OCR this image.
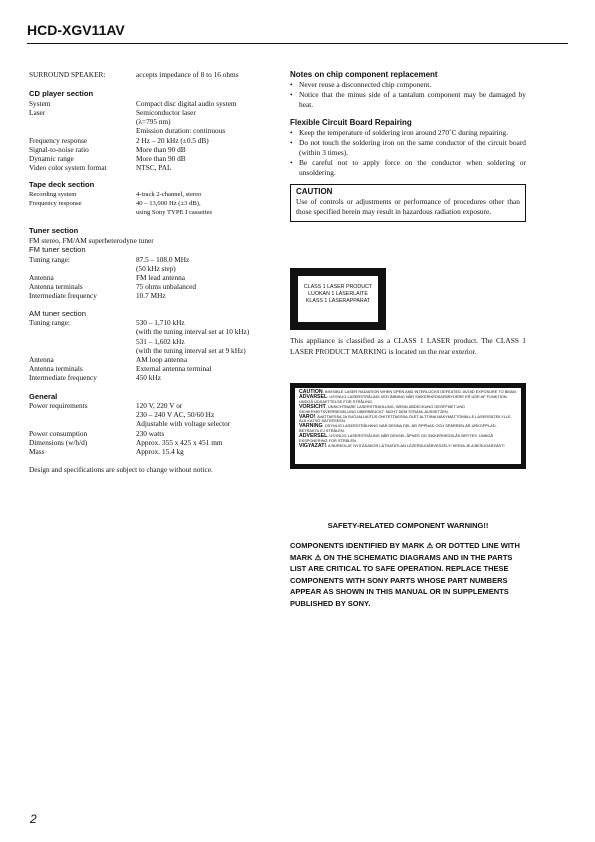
HCD-XGV11AV
SURROUND SPEAKER:	accepts impedance of 8 to 16 ohms
CD player section
System	Compact disc digital audio system
Laser	Semiconductor laser
(λ=795 nm)
Emission duration: continuous
Frequency response	2 Hz – 20 kHz (±0.5 dB)
Signal-to-noise ratio	More than 90 dB
Dynamic range	More than 90 dB
Video color system format	NTSC, PAL
Tape deck section
Recording system	4-track 2-channel, stereo
Frequency response	40 – 13,000 Hz (±3 dB),
using Sony TYPE I cassettes
Tuner section
FM stereo, FM/AM superheterodyne tuner
FM tuner section
Tuning range:	87.5 – 108.0 MHz
(50 kHz step)
Antenna	FM lead antenna
Antenna terminals	75 ohms unbalanced
Intermediate frequency	10.7 MHz
AM tuner section
Tuning range:	530 – 1,710 kHz
(with the tuning interval set at 10 kHz)
531 – 1,602 kHz
(with the tuning interval set at 9 kHz)
Antenna	AM loop antenna
Antenna terminals	External antenna terminal
Intermediate frequency	450 kHz
General
Power requirements	120 V, 220 V or
230 – 240 V AC, 50/60 Hz
Adjustable with voltage selector
Power consumption	230 watts
Dimensions (w/h/d)	Approx. 355 x 425 x 451 mm
Mass	Approx. 15.4 kg
Design and specifications are subject to change without notice.
Notes on chip component replacement
• Never reuse a disconnected chip component.
• Notice that the minus side of a tantalum component may be damaged by heat.
Flexible Circuit Board Repairing
• Keep the temperature of soldering iron around 270˚C during repairing.
• Do not touch the soldering iron on the same conductor of the circuit board (within 3 times).
• Be careful not to apply force on the conductor when soldering or unsoldering.
CAUTION
Use of controls or adjustments or performance of procedures other than those specified herein may result in hazardous radiation exposure.
CLASS 1 LASER PRODUCT
LUOKAN 1 LASERLAITE
KLASS 1 LASERAPPARAT
This appliance is classified as a CLASS 1 LASER product. The CLASS 1 LASER PRODUCT MARKING is located on the rear exterior.
CAUTION: INVISIBLE LASER RADIATION WHEN OPEN AND INTERLOCKS DEFEATED. AVOID EXPOSURE TO BEAM.
ADVARSEL: USYNLIG LASERSTRÅLING VED ÅBNING NÅR SIKKERHEDSAFBRYDERE ER UDE AF FUNKTION. UNDGÅ UDSAETTELSE FOR STRÅLING.
VORSICHT: UNSICHTBARE LASERSTRAHLUNG, WENN ABDECKUNG GEÖFFNET UND SICHERHEITSVERRIEGELUNG ÜBERBRÜCKT. NICHT DEM STRAHL AUSSETZEN.
VARO!: AVATTAESSA JA SUOJALUKITUS OHITETTAESSA OLET ALTTIINA NÄKYMÄTTÖMÄLLE LASERSÄTEILYLLE. ÄLÄ KATSO SÄTEESEEN.
VARNING: OSYNLIG LASERSTRÅLNING NÄR DENNA DEL ÄR ÖPPNAD OCH SPÄRREN ÄR URKOPPLAD. BETRAKTA EJ STRÅLEN.
ADVERSEL: USYNLIG LASERSTRÅLING NÅR DEKSEL ÅPNES OG SIKKERHEDSLÅS BRYTES. UNNGÅ EKSPONERING FOR STRÅLEN.
VIGYAZAT!: A BURKOLAT NYITÁSAKOR LÁTHATATLAN LÉZERSUGÁRVESZÉLY! KERÜLJE A BESUGÁRZÁST!
SAFETY-RELATED COMPONENT WARNING!!
COMPONENTS IDENTIFIED BY MARK ⚠ OR DOTTED LINE WITH MARK ⚠ ON THE SCHEMATIC DIAGRAMS AND IN THE PARTS LIST ARE CRITICAL TO SAFE OPERATION. REPLACE THESE COMPONENTS WITH SONY PARTS WHOSE PART NUMBERS APPEAR AS SHOWN IN THIS MANUAL OR IN SUPPLEMENTS PUBLISHED BY SONY.
2
